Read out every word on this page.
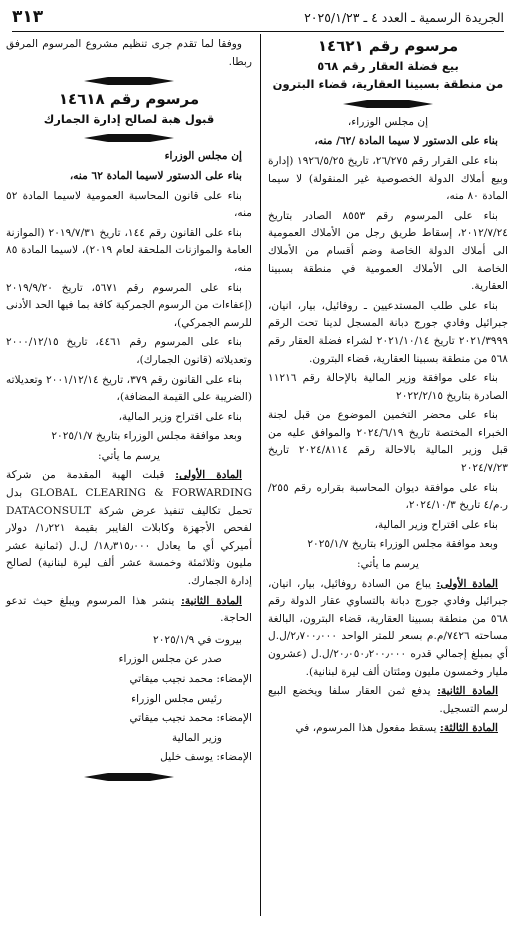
الجريدة الرسمية ـ العدد ٤ ـ ٢٠٢٥/١/٢٣
٣١٣
مرسوم رقم ١٤٦٢١
بيع فضلة العقار رقم ٥٦٨
من منطقة بسبينا العقارية، قضاء البترون

إن مجلس الوزراء،

بناء على الدستور لا سيما المادة /٦٢/ منه،

بناء على القرار رقم ٢٦/٢٧٥، تاريخ ١٩٢٦/٥/٢٥ (إدارة وبيع أملاك الدولة الخصوصية غير المنقولة) لا سيما المادة ٨٠ منه،

بناء على المرسوم رقم ٨٥٥٣ الصادر بتاريخ ٢٠١٢/٧/٢٤، إسقاط طريق رجل من الأملاك العمومية الى أملاك الدولة الخاصة وضم أقسام من الأملاك الخاصة الى الأملاك العمومية في منطقة بسبينا العقارية.

بناء على طلب المستدعيين ـ روفائيل، بيار، انيان، جبرائيل وفادي جورج دبانة المسجل لدينا تحت الرقم ٢٠٢١/٣٩٩٩ تاريخ ٢٠٢١/١٠/١٤ لشراء فضلة العقار رقم ٥٦٨ من منطقة بسبينا العقارية، قضاء البترون.

بناء على موافقة وزير المالية بالإحالة رقم ١١٢١٦ الصادرة بتاريخ ٢٠٢٢/٢/١٥

بناء على محضر التخمين الموضوع من قبل لجنة الخبراء المختصة تاريخ ٢٠٢٤/٦/١٩ والموافق عليه من قبل وزير المالية بالاحالة رقم ٢٠٢٤/٨١١٤ تاريخ ٢٠٢٤/٧/٢٣

بناء على موافقة ديوان المحاسبة بقراره رقم ٢٥٥/ر.م/٤ تاريخ ٢٠٢٤/١٠/٣،

بناء على اقتراح وزير المالية،

وبعد موافقة مجلس الوزراء بتاريخ ٢٠٢٥/١/٧

يرسم ما يأتي:

المادة الأولى: يباع من السادة روفائيل، بيار، انيان، جبرائيل وفادي جورج دبانة بالتساوي عقار الدولة رقم ٥٦٨ من منطقة بسبينا العقارية، قضاء البترون، البالغة مساحته ٧٤٢٦/م.م بسعر للمتر الواحد ٢٫٧٠٠٫٠٠٠/ل.ل أي بمبلغ إجمالي قدره ٢٠٫٠٥٠٫٢٠٠٫٠٠٠/ل.ل (عشرون مليار وخمسون مليون ومئتان ألف ليرة لبنانية).

المادة الثانية: يدفع ثمن العقار سلفا ويخضع البيع لرسم التسجيل.

المادة الثالثة: يسقط مفعول هذا المرسوم، في

ووفقا لما تقدم جرى تنظيم مشروع المرسوم المرفق ربطا.

مرسوم رقم ١٤٦١٨
قبول هبة لصالح إدارة الجمارك

إن مجلس الوزراء

بناء على الدستور لاسيما المادة ٦٢ منه،

بناء على قانون المحاسبة العمومية لاسيما المادة ٥٢ منه،

بناء على القانون رقم ١٤٤، تاريخ ٢٠١٩/٧/٣١ (الموازنة العامة والموازنات الملحقة لعام ٢٠١٩)، لاسيما المادة ٨٥ منه،

بناء على المرسوم رقم ٥٦٧١، تاريخ ٢٠١٩/٩/٢٠ (إعفاءات من الرسوم الجمركية كافة بما فيها الحد الأدنى للرسم الجمركي)،

بناء على المرسوم رقم ٤٤٦١، تاريخ ٢٠٠٠/١٢/١٥ وتعديلاته (قانون الجمارك)،

بناء على القانون رقم ٣٧٩، تاريخ ٢٠٠١/١٢/١٤ وتعديلاته (الضريبة على القيمة المضافة)،

بناء على اقتراح وزير المالية،

وبعد موافقة مجلس الوزراء بتاريخ ٢٠٢٥/١/٧

يرسم ما يأتي:

المادة الأولى: قبلت الهبة المقدمة من شركة GLOBAL CLEARING & FORWARDING بدل تحمل تكاليف تنفيذ عرض شركة DATACONSULT لفحص الأجهزة وكابلات الفايبر بقيمة ١٫٢٢١/ دولار أميركي أي ما يعادل ١٨٫٣١٥٫٠٠٠/ ل.ل (ثمانية عشر مليون وثلاثمئة وخمسة عشر ألف ليرة لبنانية) لصالح إدارة الجمارك.

المادة الثانية: ينشر هذا المرسوم ويبلغ حيث تدعو الحاجة.

بيروت في ٢٠٢٥/١/٩

صدر عن مجلس الوزراء

الإمضاء: محمد نجيب ميقاتي

رئيس مجلس الوزراء

الإمضاء: محمد نجيب ميقاتي

وزير المالية

الإمضاء: يوسف خليل
